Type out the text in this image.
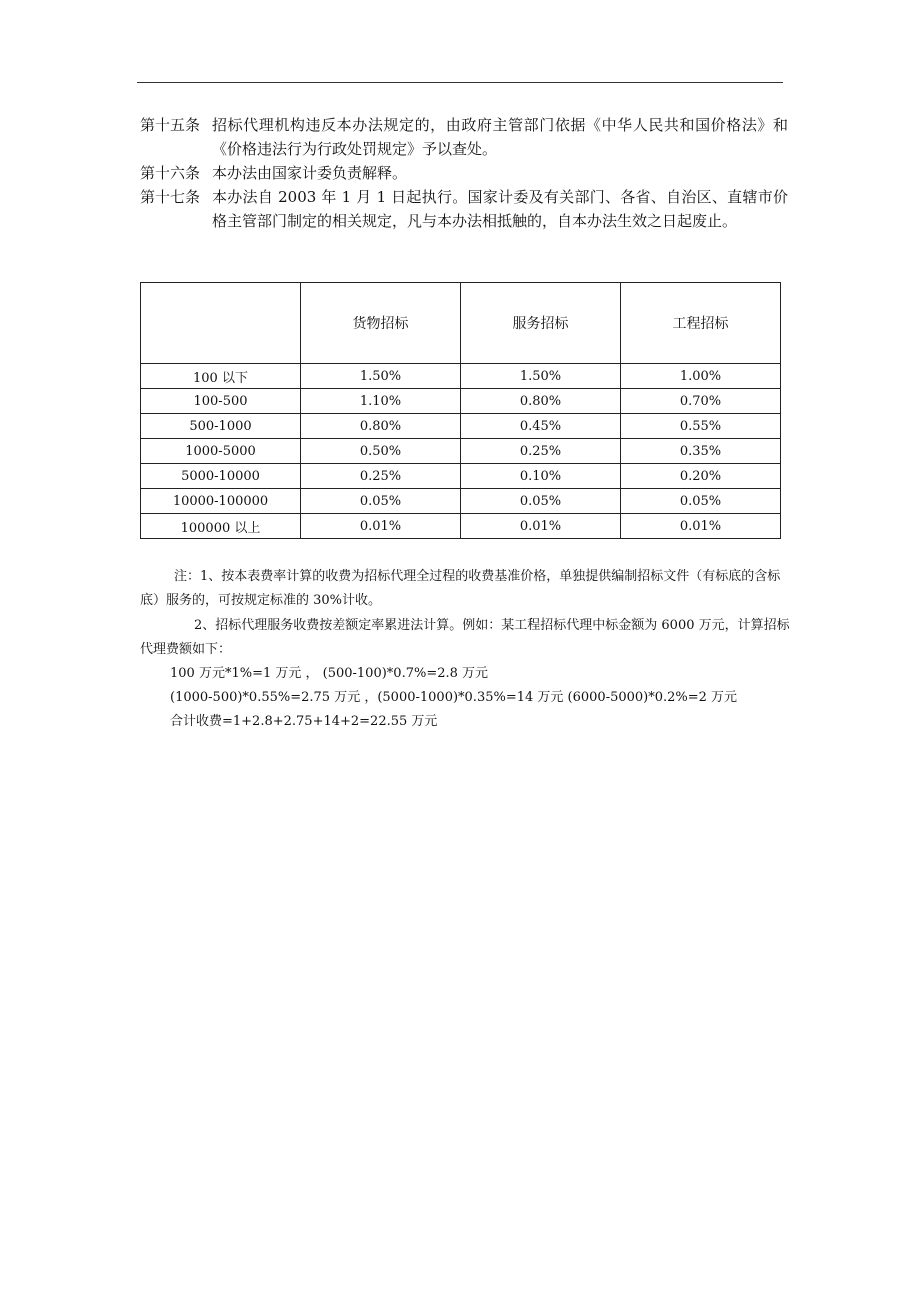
第十五条 招标代理机构违反本办法规定的，由政府主管部门依据《中华人民共和国价格法》和《价格违法行为行政处罚规定》予以查处。
第十六条 本办法由国家计委负责解释。
第十七条 本办法自 2003 年 1 月 1 日起执行。国家计委及有关部门、各省、自治区、直辖市价格主管部门制定的相关规定，凡与本办法相抵触的，自本办法生效之日起废止。
	货物招标	服务招标	工程招标
100 以下	1.50%	1.50%	1.00%
100-500	1.10%	0.80%	0.70%
500-1000	0.80%	0.45%	0.55%
1000-5000	0.50%	0.25%	0.35%
5000-10000	0.25%	0.10%	0.20%
10000-100000	0.05%	0.05%	0.05%
100000 以上	0.01%	0.01%	0.01%

注：1、按本表费率计算的收费为招标代理全过程的收费基准价格，单独提供编制招标文件（有标底的含标底）服务的，可按规定标准的 30%计收。

2、招标代理服务收费按差额定率累进法计算。例如：某工程招标代理中标金额为 6000 万元，计算招标代理费额如下：

100 万元*1%=1 万元 ， (500-100)*0.7%=2.8 万元
(1000-500)*0.55%=2.75 万元 ，(5000-1000)*0.35%=14 万元 (6000-5000)*0.2%=2 万元
合计收费=1+2.8+2.75+14+2=22.55 万元
